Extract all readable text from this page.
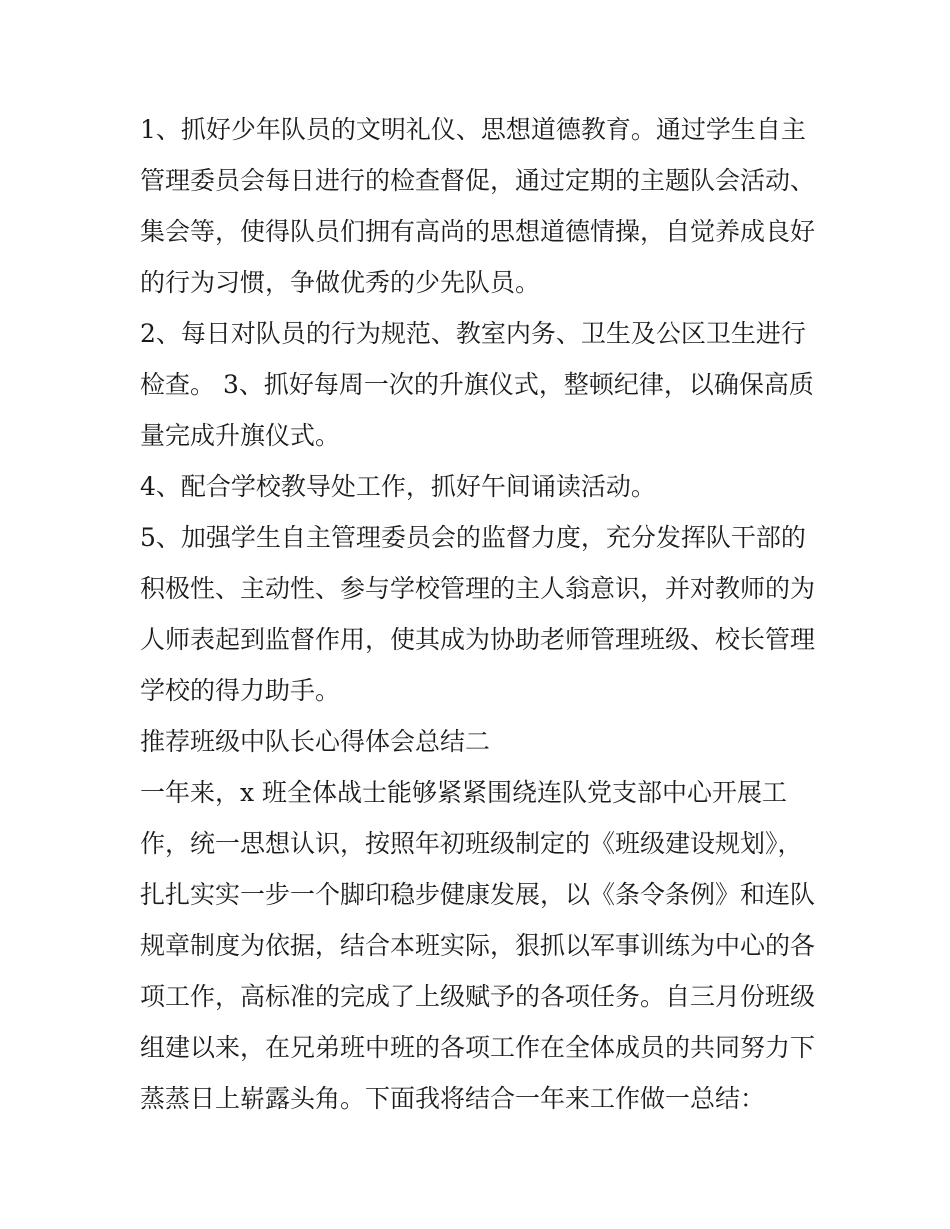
1、抓好少年队员的文明礼仪、思想道德教育。通过学生自主
管理委员会每日进行的检查督促，通过定期的主题队会活动、
集会等，使得队员们拥有高尚的思想道德情操，自觉养成良好
的行为习惯，争做优秀的少先队员。
2、每日对队员的行为规范、教室内务、卫生及公区卫生进行
检查。 3、抓好每周一次的升旗仪式，整顿纪律，以确保高质
量完成升旗仪式。
4、配合学校教导处工作，抓好午间诵读活动。
5、加强学生自主管理委员会的监督力度，充分发挥队干部的
积极性、主动性、参与学校管理的主人翁意识，并对教师的为
人师表起到监督作用，使其成为协助老师管理班级、校长管理
学校的得力助手。
推荐班级中队长心得体会总结二
一年来，x 班全体战士能够紧紧围绕连队党支部中心开展工
作，统一思想认识，按照年初班级制定的《班级建设规划》，
扎扎实实一步一个脚印稳步健康发展，以《条令条例》和连队
规章制度为依据，结合本班实际，狠抓以军事训练为中心的各
项工作，高标准的完成了上级赋予的各项任务。自三月份班级
组建以来，在兄弟班中班的各项工作在全体成员的共同努力下
蒸蒸日上崭露头角。下面我将结合一年来工作做一总结：
